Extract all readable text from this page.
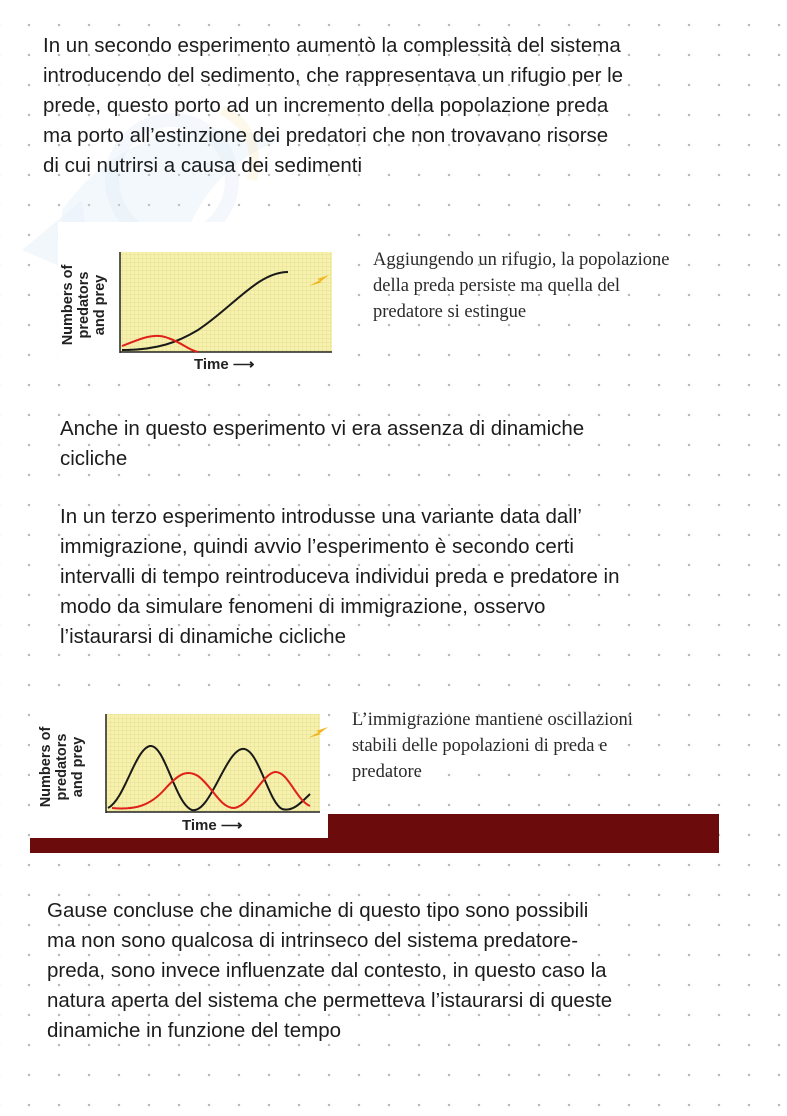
In un secondo esperimento aumentò la complessità del sistema
introducendo del sedimento, che rappresentava un rifugio per le
prede, questo porto ad un incremento della popolazione preda
ma porto all’estinzione dei predatori che non trovavano risorse
di cui nutrirsi a causa dei sedimenti

Numbers of
predators
and prey
Time ⟶

Aggiungendo un rifugio, la popolazione
della preda persiste ma quella del
predatore si estingue

Anche in questo esperimento vi era assenza di dinamiche
cicliche

In un terzo esperimento introdusse una variante data dall’
immigrazione, quindi avvio l’esperimento è secondo certi
intervalli di tempo reintroduceva individui preda e predatore in
modo da simulare fenomeni di immigrazione, osservo
l’istaurarsi di dinamiche cicliche

Numbers of
predators
and prey
Time ⟶

L’immigrazione mantiene oscillazioni
stabili delle popolazioni di preda e
predatore

Gause concluse che dinamiche di questo tipo sono possibili
ma non sono qualcosa di intrinseco del sistema predatore-
preda, sono invece influenzate dal contesto, in questo caso la
natura aperta del sistema che permetteva l’istaurarsi di queste
dinamiche in funzione del tempo
